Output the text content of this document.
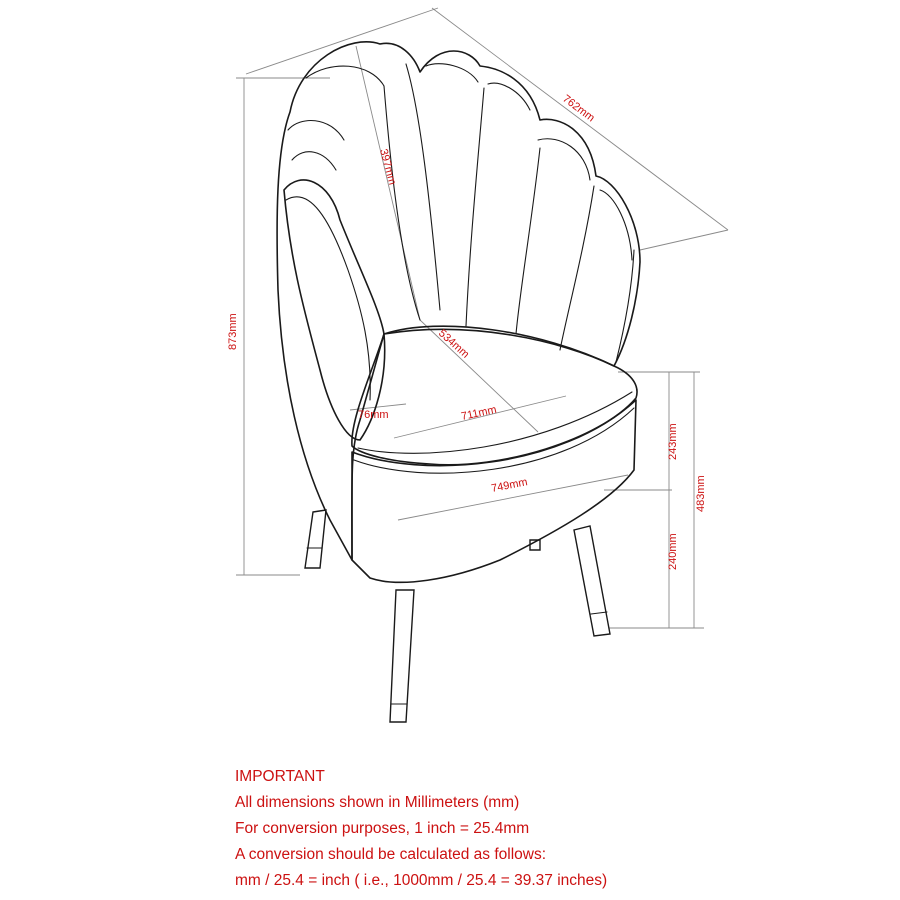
762mm
397mm
873mm	534mm
76mm	711mm
749mm
243mm
483mm
240mm
IMPORTANT
All dimensions shown in Millimeters (mm)
For conversion purposes, 1 inch = 25.4mm
A conversion should be calculated as follows:
mm / 25.4 = inch ( i.e., 1000mm / 25.4 = 39.37 inches)
